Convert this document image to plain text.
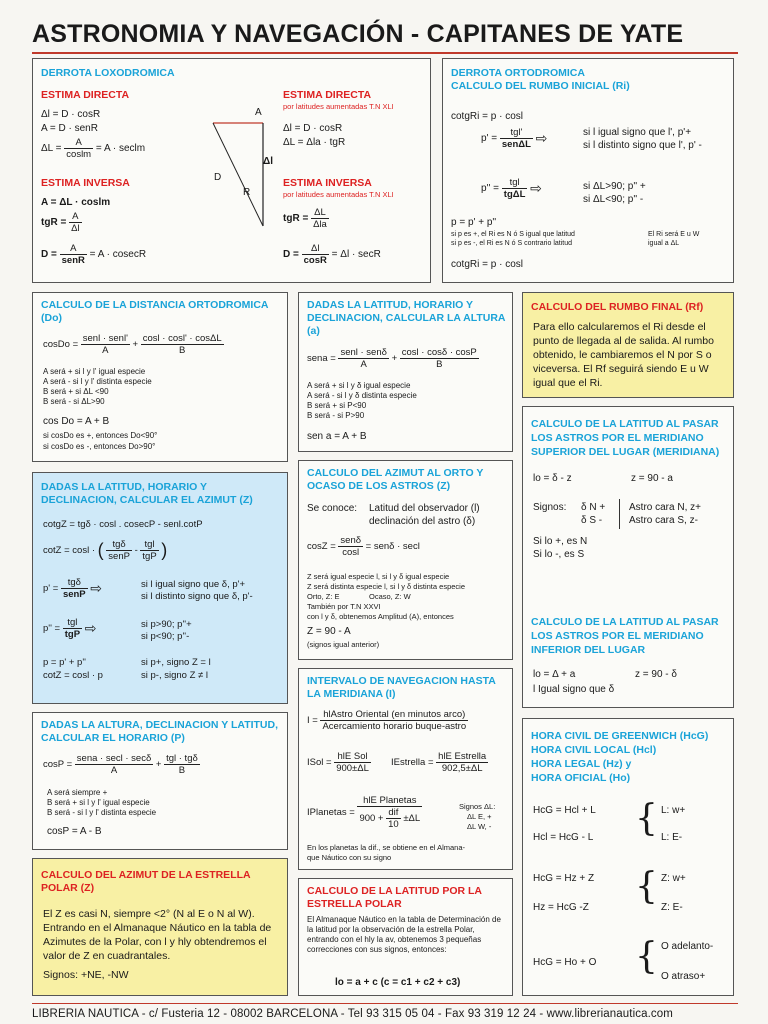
ASTRONOMIA Y NAVEGACIÓN - CAPITANES DE YATE
DERROTA LOXODROMICA
ESTIMA DIRECTA
Δl = D · cosR
A = D · senR
$\Delta L = \frac{A}{\text{coslm}} = A$ · seclm
ESTIMA INVERSA
A = ΔL · coslm
tgR = $\frac{A}{\Delta l}$
$D = \frac{A}{\text{senR}} = A \cdot cosecR$
A
D
R
Δl
ESTIMA DIRECTA
por latitudes aumentadas T.N XLI
Δl = D · cosR
ΔL = Δla · tgR
ESTIMA INVERSA
por latitudes aumentadas T.N XLI
tgR = $\frac{\Delta L}{\text{Δla}}$
$D = \frac{\Delta l}{\cos R} = \Delta l \cdot \sec R$
DERROTA ORTODROMICA
CALCULO DEL RUMBO INICIAL (Ri)
cotgRi = p · cosl
$p' = \frac{\text{tgl'}}{\text{senΔL}}$ ⇨	si l igual signo que l', p'+
si l distinto signo que l', p' -
$p'' = \frac{\text{tgl}}{\text{tgΔL}}$ ⇨	si ΔL>90; p'' +
si ΔL<90; p'' -
p = p' + p''
si p es +, el Ri es N ó S igual que latitud
si p es -, el Ri es N ó S contrario latitud
El Ri será E u W
igual a ΔL
cotgRi = p · cosl
CALCULO DE LA DISTANCIA ORTODROMICA
(Do)
cosDo = $\frac{\text{senl · senl'}}{A} + \frac{\cos l \cdot \cos l' \cdot \cos\Delta L}{B}$
A será + si l y l' igual especie
A será - si l y l' distinta especie
B será + si ΔL <90
B será - si ΔL>90
cos Do = A + B
si cosDo es +, entonces Do<90°
si cosDo es -, entonces Do>90°
DADAS LA LATITUD, HORARIO Y DECLINACION, CALCULAR LA ALTURA (a)
sena = $\frac{\text{senl · senδ}}{A} + \frac{\cos l \cdot \cos\delta \cdot \cos P}{B}$
A será + si l y δ igual especie
A será - si l y δ distinta especie
B será + si P<90
B será - si P>90
sen a = A + B
CALCULO DEL RUMBO FINAL (Rf)
Para ello calcularemos el Ri desde el punto de llegada al de salida. Al rumbo obtenido, le cambiaremos el N por S o viceversa. El Rf seguirá siendo E u W igual que el Ri.
CALCULO DE LA LATITUD AL PASAR LOS ASTROS POR EL MERIDIANO SUPERIOR DEL LUGAR (MERIDIANA)
lo = δ - z	z = 90 - a
Signos: δ N +
δ S -
Astro cara N, z+
Astro cara S, z-
Si lo +, es N
Si lo -, es S
CALCULO DE LA LATITUD AL PASAR LOS ASTROS POR EL MERIDIANO INFERIOR DEL LUGAR
lo = Δ + a	z = 90 - δ
l Igual signo que δ
DADAS LA LATITUD, HORARIO Y DECLINACION, CALCULAR EL AZIMUT (Z)
cotgZ = tgδ · cosl . cosecP - senl.cotP
cotZ = cosl · ( $\frac{\text{tgδ}}{\text{senP}} - \frac{\text{tgl}}{\text{tgP}}$ )
$p' = \frac{\text{tgδ}}{\text{senP}}$ ⇨	si l igual signo que δ, p'+
si l distinto signo que δ, p'-
$p'' = \frac{\text{tgl}}{\text{tgP}}$ ⇨	si p>90; p''+
si p<90; p''-
p = p' + p''
cotZ = cosl · p
si p+, signo Z = l
si p-, signo Z ≠ l
CALCULO DEL AZIMUT AL ORTO Y OCASO DE LOS ASTROS (Z)
Se conoce: Latitud del observador (l)
declinación del astro (δ)
$\cos Z = \frac{\text{senδ}}{\cos l} = sen\delta \cdot \sec l$
Z será igual especie l, si l y δ igual especie
Z será distinta especie l, si l y δ distinta especie
Orto, Z: E	Ocaso, Z: W
También por T.N XXVI
con l y δ, obtenemos Amplitud (A), entonces
Z = 90 - A
(signos igual anterior)
DADAS LA ALTURA, DECLINACION Y LATITUD, CALCULAR EL HORARIO (P)
$\cos P = \frac{\text{sena · secl · secδ}}{A} + \frac{\text{tgl · tgδ}}{B}$
A será siempre +
B será + si l y l' igual especie
B será - si l y l' distinta especie
cosP = A - B
INTERVALO DE NAVEGACION HASTA LA MERIDIANA (I)
$I = \frac{\text{hlAstro Oriental (en minutos arco)}}{\text{Acercamiento horario buque-astro}}$
ISol = $\frac{\text{hlE Sol}}{900\pm\Delta L}$ IEstrella = $\frac{\text{hlE Estrella}}{902,5\pm\Delta L}$
IPlanetas = $\frac{\text{hlE Planetas}}{900 + \frac{\text{dif}}{10} \pm\Delta L}$	Signos ΔL:
ΔL E, +
ΔL W, -
En los planetas la dif., se obtiene en el Almana-
que Náutico con su signo
CALCULO DEL AZIMUT DE LA ESTRELLA POLAR (Z)
El Z es casi N, siempre <2° (N al E o N al W). Entrando en el Almanaque Náutico en la tabla de Azimutes de la Polar, con l y hly obtendremos el valor de Z en cuadrantales.
Signos: +NE, -NW
CALCULO DE LA LATITUD POR LA ESTRELLA POLAR
El Almanaque Náutico en la tabla de Determinación de la latitud por la observación de la estrella Polar, entrando con el hly la av, obtenemos 3 pequeñas correcciones con sus signos, entonces:
lo = a + c (c = c1 + c2 + c3)
HORA CIVIL DE GREENWICH (HcG)
HORA CIVIL LOCAL (Hcl)
HORA LEGAL (Hz) y
HORA OFICIAL (Ho)
HcG = Hcl + L
Hcl = HcG - L { L: w+
L: E-
HcG = Hz + Z
Hz = HcG -Z
{ Z: w+
Z: E-
HcG = Ho + O { O adelanto-
O atraso+
LIBRERIA NAUTICA - c/ Fusteria 12 - 08002 BARCELONA - Tel 93 315 05 04 - Fax 93 319 12 24 - www.librerianautica.com
